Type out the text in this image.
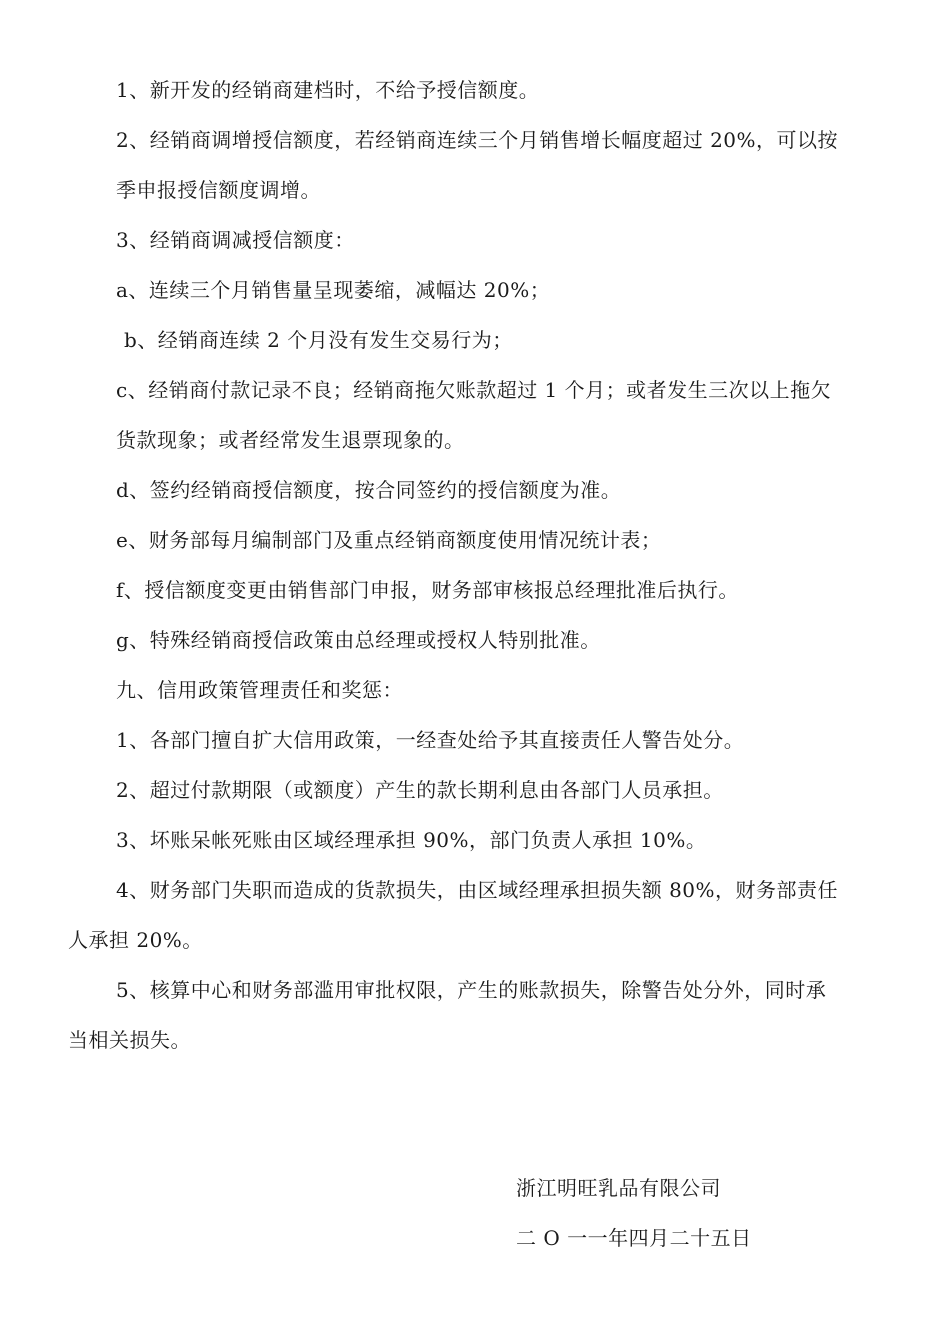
1、新开发的经销商建档时，不给予授信额度。
2、经销商调增授信额度，若经销商连续三个月销售增长幅度超过 20%，可以按
季申报授信额度调增。
3、经销商调减授信额度：
a、连续三个月销售量呈现萎缩，减幅达 20%；
b、经销商连续 2 个月没有发生交易行为；
c、经销商付款记录不良；经销商拖欠账款超过 1 个月；或者发生三次以上拖欠
货款现象；或者经常发生退票现象的。
d、签约经销商授信额度，按合同签约的授信额度为准。
e、财务部每月编制部门及重点经销商额度使用情况统计表；
f、授信额度变更由销售部门申报，财务部审核报总经理批准后执行。
g、特殊经销商授信政策由总经理或授权人特别批准。
九、信用政策管理责任和奖惩：
1、各部门擅自扩大信用政策，一经查处给予其直接责任人警告处分。
2、超过付款期限（或额度）产生的款长期利息由各部门人员承担。
3、坏账呆帐死账由区域经理承担 90%，部门负责人承担 10%。
4、财务部门失职而造成的货款损失，由区域经理承担损失额 80%，财务部责任
人承担 20%。
5、核算中心和财务部滥用审批权限，产生的账款损失，除警告处分外，同时承
当相关损失。
浙江明旺乳品有限公司
二 O 一一年四月二十五日
